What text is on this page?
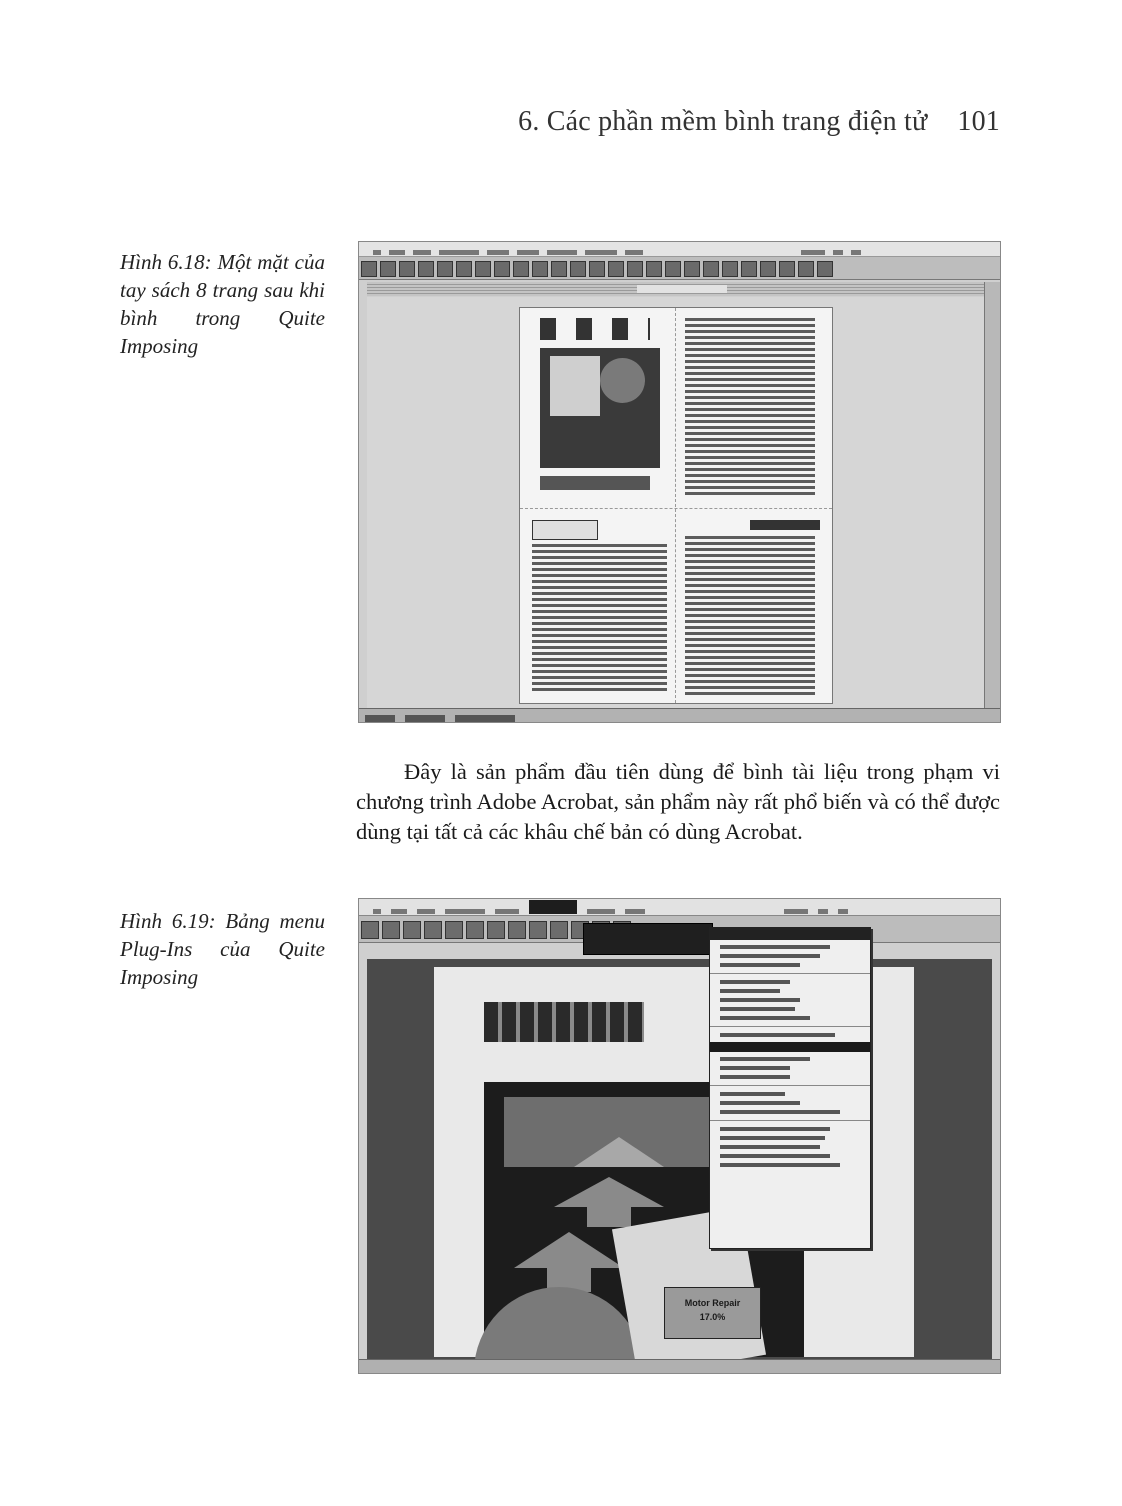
6. Các phần mềm bình trang điện tử 101
Hình 6.18: Một mặt của tay sách 8 trang sau khi bình trong Quite Imposing

Đây là sản phẩm đầu tiên dùng để bình tài liệu trong phạm vi chương trình Adobe Acrobat, sản phẩm này rất phổ biến và có thể được dùng tại tất cả các khâu chế bản có dùng Acrobat.
Hình 6.19: Bảng menu Plug-Ins của Quite Imposing

Motor Repair
17.0%
